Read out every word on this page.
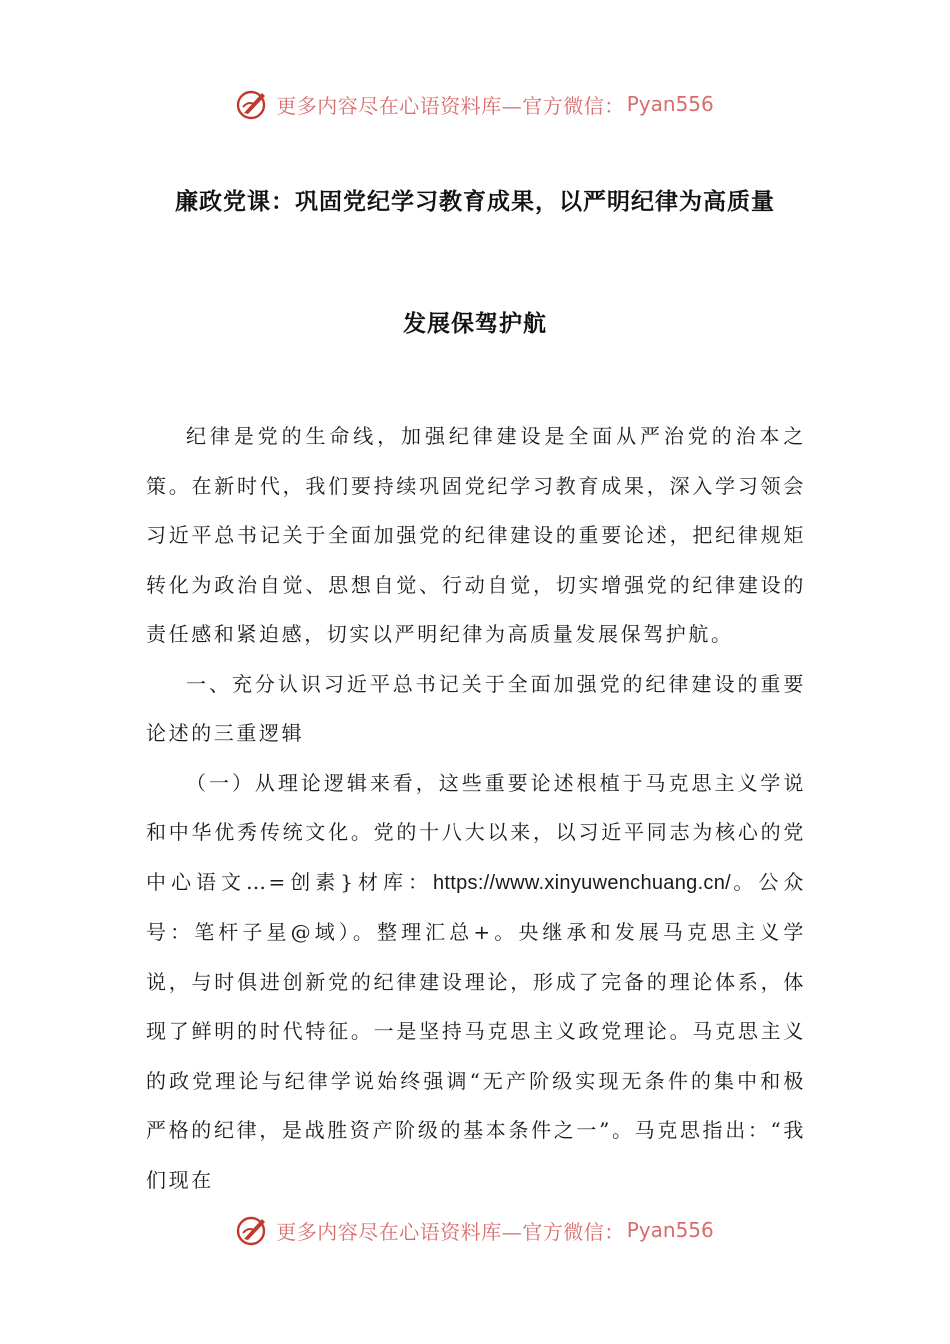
更多内容尽在心语资料库—官方微信： Pyan556
廉政党课：巩固党纪学习教育成果，以严明纪律为高质量
发展保驾护航

纪律是党的生命线，加强纪律建设是全面从严治党的治本之策。在新时代，我们要持续巩固党纪学习教育成果，深入学习领会习近平总书记关于全面加强党的纪律建设的重要论述，把纪律规矩转化为政治自觉、思想自觉、行动自觉，切实增强党的纪律建设的责任感和紧迫感，切实以严明纪律为高质量发展保驾护航。

一、充分认识习近平总书记关于全面加强党的纪律建设的重要论述的三重逻辑

（一）从理论逻辑来看，这些重要论述根植于马克思主义学说和中华优秀传统文化。党的十八大以来，以习近平同志为核心的党中心语文…=创素}材库：https://www.xinyuwenchuang.cn/。公众号：笔杆子星@域）。整理汇总+。央继承和发展马克思主义学说，与时俱进创新党的纪律建设理论，形成了完备的理论体系，体现了鲜明的时代特征。一是坚持马克思主义政党理论。马克思主义的政党理论与纪律学说始终强调“无产阶级实现无条件的集中和极严格的纪律，是战胜资产阶级的基本条件之一”。马克思指出：“我们现在

更多内容尽在心语资料库—官方微信： Pyan556
